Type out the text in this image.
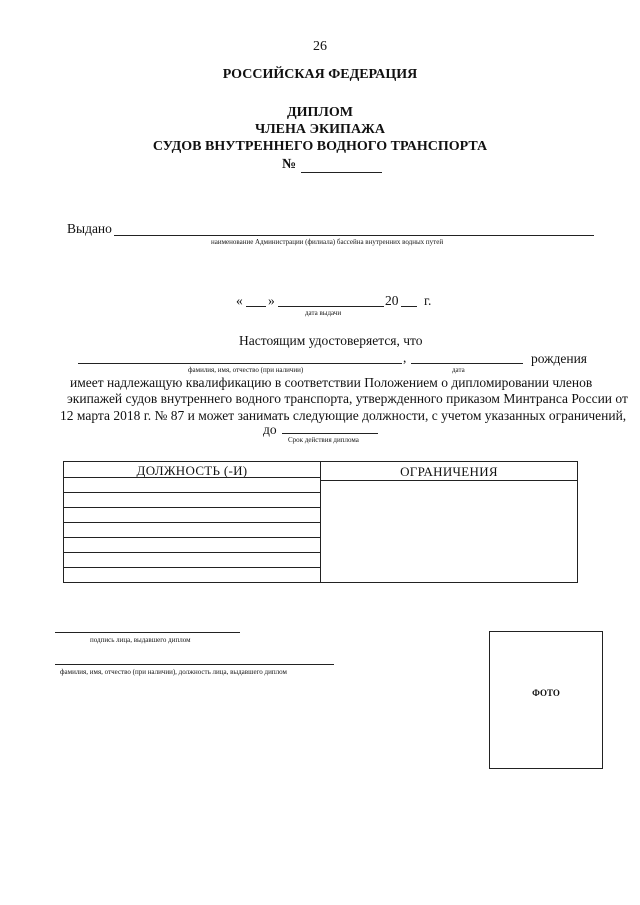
26
РОССИЙСКАЯ ФЕДЕРАЦИЯ
ДИПЛОМ
ЧЛЕНА ЭКИПАЖА
СУДОВ ВНУТРЕННЕГО ВОДНОГО ТРАНСПОРТА
№
Выдано
наименование Администрации (филиала) бассейна внутренних водных путей
« »	20 г.
дата выдачи
Настоящим удостоверяется, что
,	рождения
фамилия, имя, отчество (при наличии)	дата
имеет надлежащую квалификацию в соответствии Положением о дипломировании членов
экипажей судов внутреннего водного транспорта, утвержденного приказом Минтранса России от
12 марта 2018 г. № 87 и может занимать следующие должности, с учетом указанных ограничений,
до
Срок действия диплома
ДОЛЖНОСТЬ (-И)	ОГРАНИЧЕНИЯ
подпись лица, выдавшего диплом
фамилия, имя, отчество (при наличии), должность лица, выдавшего диплом
ФОТО
